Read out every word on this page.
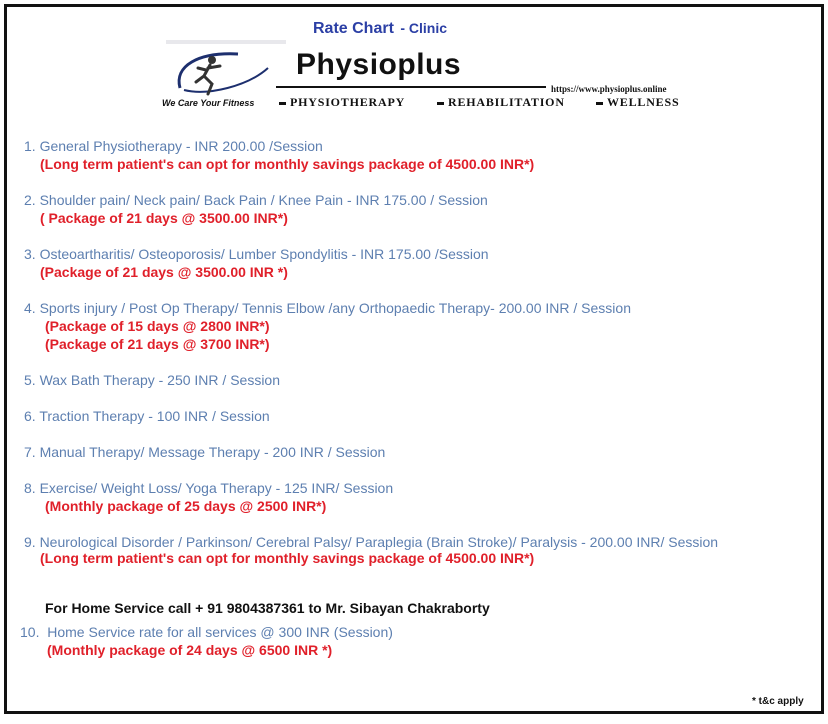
Rate Chart - Clinic
Physioplus
https://www.physioplus.online
We Care Your Fitness	PHYSIOTHERAPY	REHABILITATION	WELLNESS
1. General Physiotherapy - INR 200.00 /Session
(Long term patient's can opt for monthly savings package of 4500.00 INR*)
2. Shoulder pain/ Neck pain/ Back Pain / Knee Pain - INR 175.00 / Session
( Package of 21 days @ 3500.00 INR*)
3. Osteoartharitis/ Osteoporosis/ Lumber Spondylitis - INR 175.00 /Session
(Package of 21 days @ 3500.00 INR *)
4. Sports injury / Post Op Therapy/ Tennis Elbow /any Orthopaedic Therapy- 200.00 INR / Session
(Package of 15 days @ 2800 INR*)
(Package of 21 days @ 3700 INR*)
5. Wax Bath Therapy - 250 INR / Session
6. Traction Therapy - 100 INR / Session
7. Manual Therapy/ Message Therapy - 200 INR / Session
8. Exercise/ Weight Loss/ Yoga Therapy - 125 INR/ Session
(Monthly package of 25 days @ 2500 INR*)
9. Neurological Disorder / Parkinson/ Cerebral Palsy/ Paraplegia (Brain Stroke)/ Paralysis - 200.00 INR/ Session
(Long term patient's can opt for monthly savings package of 4500.00 INR*)
For Home Service call + 91 9804387361 to Mr. Sibayan Chakraborty
10. Home Service rate for all services @ 300 INR (Session)
(Monthly package of 24 days @ 6500 INR *)
* t&c apply
